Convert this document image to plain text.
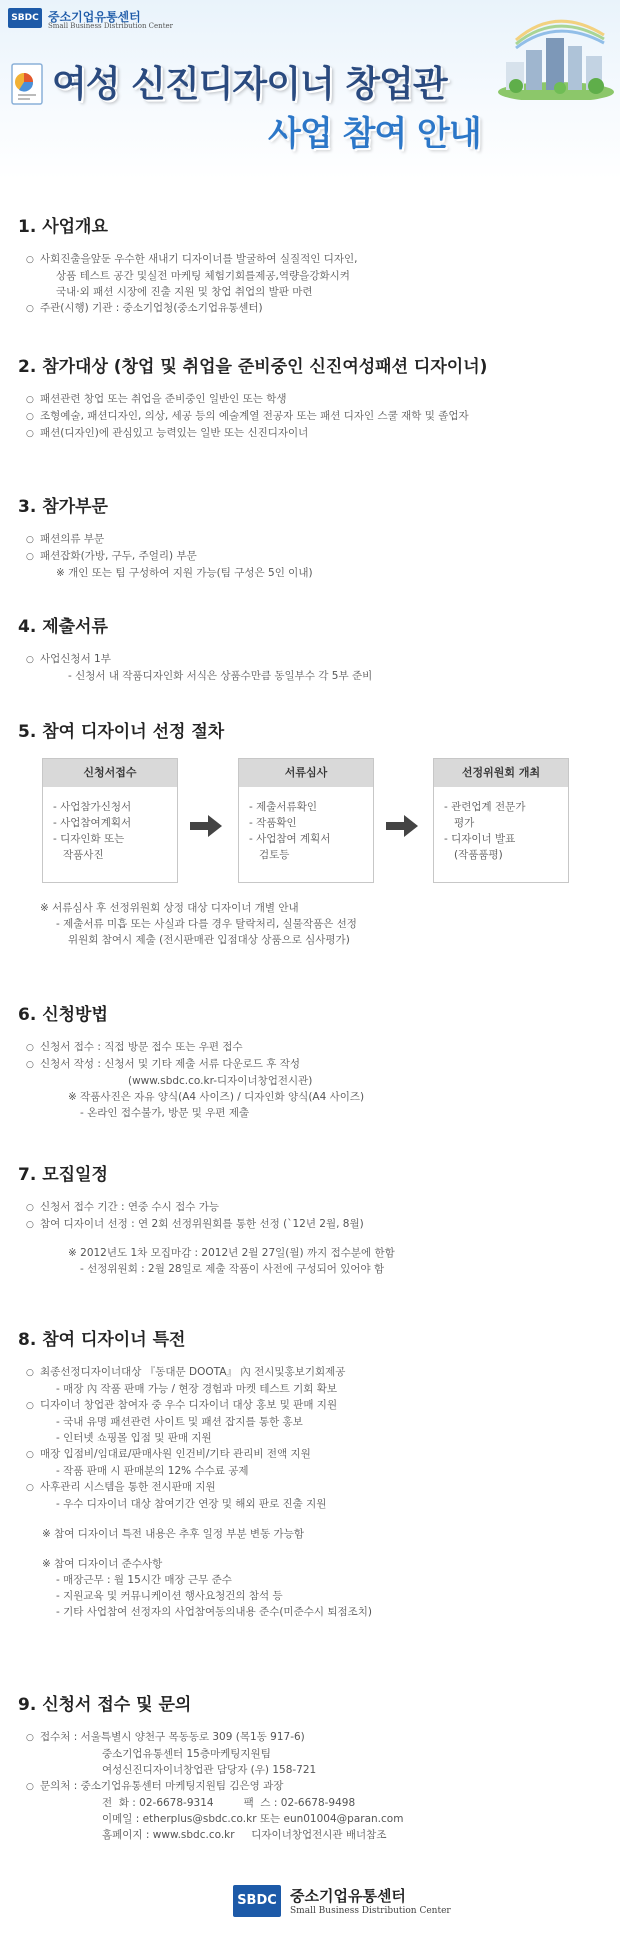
SBDC 중소기업유통센터
Small Business Distribution Center
여성 신진디자이너 창업관
사업 참여 안내
1. 사업개요
○ 사회진출을앞둔 우수한 새내기 디자이너를 발굴하여 실질적인 디자인,
상품 테스트 공간 및실전 마케팅 체험기회를제공,역량을강화시켜
국내·외 패션 시장에 진출 지원 및 창업 취업의 발판 마련
○ 주관(시행) 기관 : 중소기업청(중소기업유통센터)
2. 참가대상 (창업 및 취업을 준비중인 신진여성패션 디자이너)
○ 패션관련 창업 또는 취업을 준비중인 일반인 또는 학생
○ 조형예술, 패션디자인, 의상, 세공 등의 예술계열 전공자 또는 패션 디자인 스쿨 재학 및 졸업자
○ 패션(디자인)에 관심있고 능력있는 일반 또는 신진디자이너
3. 참가부문
○ 패션의류 부문
○ 패션잡화(가방, 구두, 주얼리) 부문
※ 개인 또는 팀 구성하여 지원 가능(팀 구성은 5인 이내)
4. 제출서류
○ 사업신청서 1부
- 신청서 내 작품디자인화 서식은 상품수만큼 동일부수 각 5부 준비
5. 참여 디자이너 선정 절차
신청서접수
- 사업참가신청서
- 사업참여계획서
- 디자인화 또는
작품사진
서류심사
- 제출서류확인
- 작품확인
- 사업참여 계획서
검토등
선정위원회 개최
- 관련업계 전문가
평가
- 디자이너 발표
(작품품평)
※ 서류심사 후 선정위원회 상정 대상 디자이너 개별 안내
- 제출서류 미흡 또는 사실과 다를 경우 탈락처리, 실물작품은 선정
위원회 참여시 제출 (전시판매관 입점대상 상품으로 심사평가)
6. 신청방법
○ 신청서 접수 : 직접 방문 접수 또는 우편 접수
○ 신청서 작성 : 신청서 및 기타 제출 서류 다운로드 후 작성
(www.sbdc.co.kr-디자이너창업전시관)
※ 작품사진은 자유 양식(A4 사이즈) / 디자인화 양식(A4 사이즈)
- 온라인 접수불가, 방문 및 우편 제출
7. 모집일정
○ 신청서 접수 기간 : 연중 수시 접수 가능
○ 참여 디자이너 선정 : 연 2회 선정위원회를 통한 선정 (`12년 2월, 8월)
※ 2012년도 1차 모집마감 : 2012년 2월 27일(월) 까지 접수분에 한함
- 선정위원회 : 2월 28일로 제출 작품이 사전에 구성되어 있어야 함
8. 참여 디자이너 특전
○ 최종선정디자이너대상 『동대문 DOOTA』 內 전시및홍보기회제공
- 매장 內 작품 판매 가능 / 현장 경험과 마켓 테스트 기회 확보
○ 디자이너 창업관 참여자 중 우수 디자이너 대상 홍보 및 판매 지원
- 국내 유명 패션관련 사이트 및 패션 잡지를 통한 홍보
- 인터넷 쇼핑몰 입점 및 판매 지원
○ 매장 입점비/임대료/판매사원 인건비/기타 관리비 전액 지원
- 작품 판매 시 판매분의 12% 수수료 공제
○ 사후관리 시스템을 통한 전시판매 지원
- 우수 디자이너 대상 참여기간 연장 및 해외 판로 진출 지원
※ 참여 디자이너 특전 내용은 추후 일정 부분 변동 가능함
※ 참여 디자이너 준수사항
- 매장근무 : 월 15시간 매장 근무 준수
- 지원교육 및 커뮤니케이션 행사요청건의 참석 등
- 기타 사업참여 선정자의 사업참여동의내용 준수(미준수시 퇴점조치)
9. 신청서 접수 및 문의
○ 접수처 : 서울특별시 양천구 목동동로 309 (목1동 917-6)
중소기업유통센터 15층마케팅지원팀
여성신진디자이너창업관 담당자 (우) 158-721
○ 문의처 : 중소기업유통센터 마케팅지원팀 김은영 과장
전  화 : 02-6678-9314         팩  스 : 02-6678-9498
이메일 : etherplus@sbdc.co.kr 또는 eun01004@paran.com
홈페이지 : www.sbdc.co.kr     디자이너창업전시관 배너참조
SBDC 중소기업유통센터
Small Business Distribution Center
